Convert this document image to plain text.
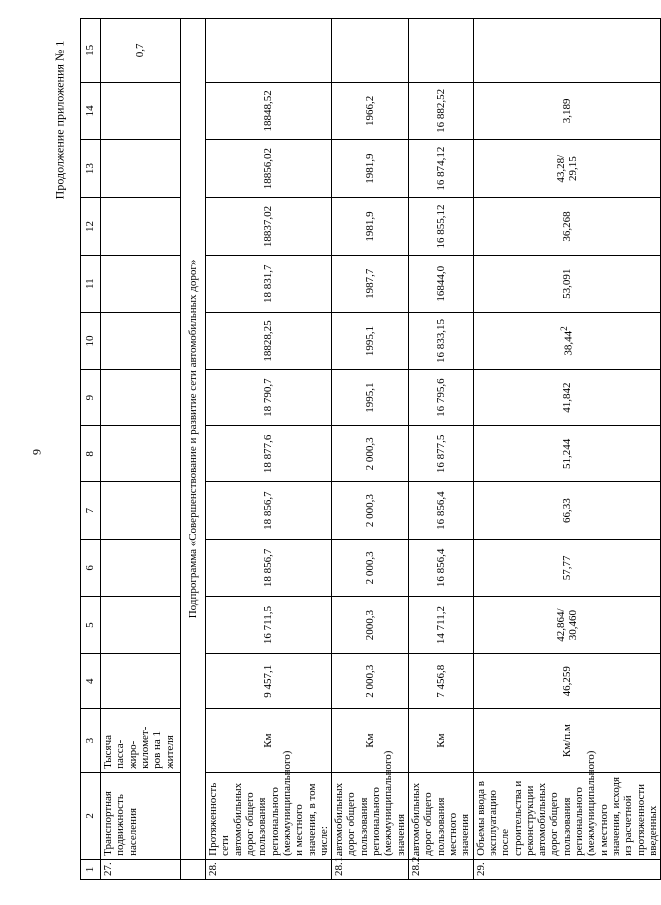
9
Продолжение приложения № 1
1	2	3	4	5	6	7	8	9	10	11	12	13	14	15
27.	Транспортная подвижность населения	Тысяча пасса-жиро-километ-ров на 1 жителя												0,7
	Подпрограмма «Совершенствование и развитие сети автомобильных дорог»													
28.	Протяженность сети автомобильных дорог общего пользования регионального (межмуниципального) и местного значения, в том числе:	Км	9 457,1	16 711,5	18 856,7	18 856,7	18 877,6	18 790,7	18828,25	18 831,7	18837,02	18856,02	18848,52	
28.1.	автомобильных дорог общего пользования регионального (межмуниципального) значения	Км	2 000,3	2000,3	2 000,3	2 000,3	2 000,3	1995,1	1995,1	1987,7	1981,9	1981,9	1966,2	
28.2.	автомобильных дорог общего пользования местного значения	Км	7 456,8	14 711,2	16 856,4	16 856,4	16 877,5	16 795,6	16 833,15	16844,0	16 855,12	16 874,12	16 882,52	
29.	Объемы ввода в эксплуатацию после строительства и реконструкции автомобильных дорог общего пользования регионального (межмуниципального) и местного значения, исходя из расчетной протяженности введенных	Км/п.м	46,259	42,864/ 30,460	57,77	66,33	51,244	41,842	38,44$^2$	53,091	36,268	43,28/ 29,15	3,189	
